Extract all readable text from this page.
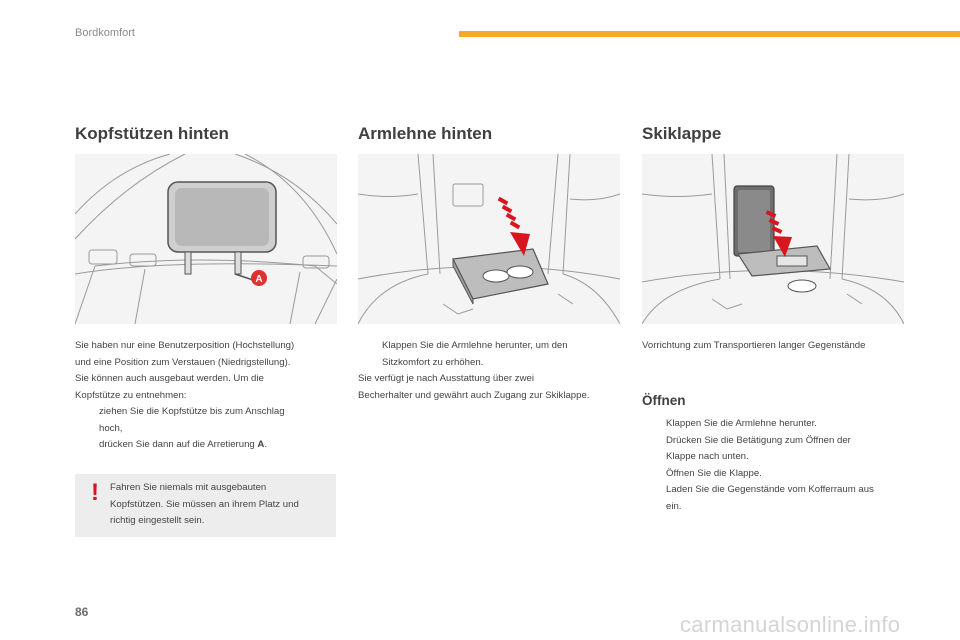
Bordkomfort
Kopfstützen hinten
A

Sie haben nur eine Benutzerposition (Hochstellung)

und eine Position zum Verstauen (Niedrigstellung).

Sie können auch ausgebaut werden. Um die

Kopfstütze zu entnehmen:

ziehen Sie die Kopfstütze bis zum Anschlag

hoch,

drücken Sie dann auf die Arretierung A.

!	Fahren Sie niemals mit ausgebauten

Kopfstützen. Sie müssen an ihrem Platz und

richtig eingestellt sein.

Armlehne hinten

Klappen Sie die Armlehne herunter, um den

Sitzkomfort zu erhöhen.

Sie verfügt je nach Ausstattung über zwei

Becherhalter und gewährt auch Zugang zur Skiklappe.

Skiklappe
Vorrichtung zum Transportieren langer Gegenstände
Öffnen

Klappen Sie die Armlehne herunter.

Drücken Sie die Betätigung zum Öffnen der

Klappe nach unten.

Öffnen Sie die Klappe.

Laden Sie die Gegenstände vom Kofferraum aus

ein.

86	carmanualsonline.info
